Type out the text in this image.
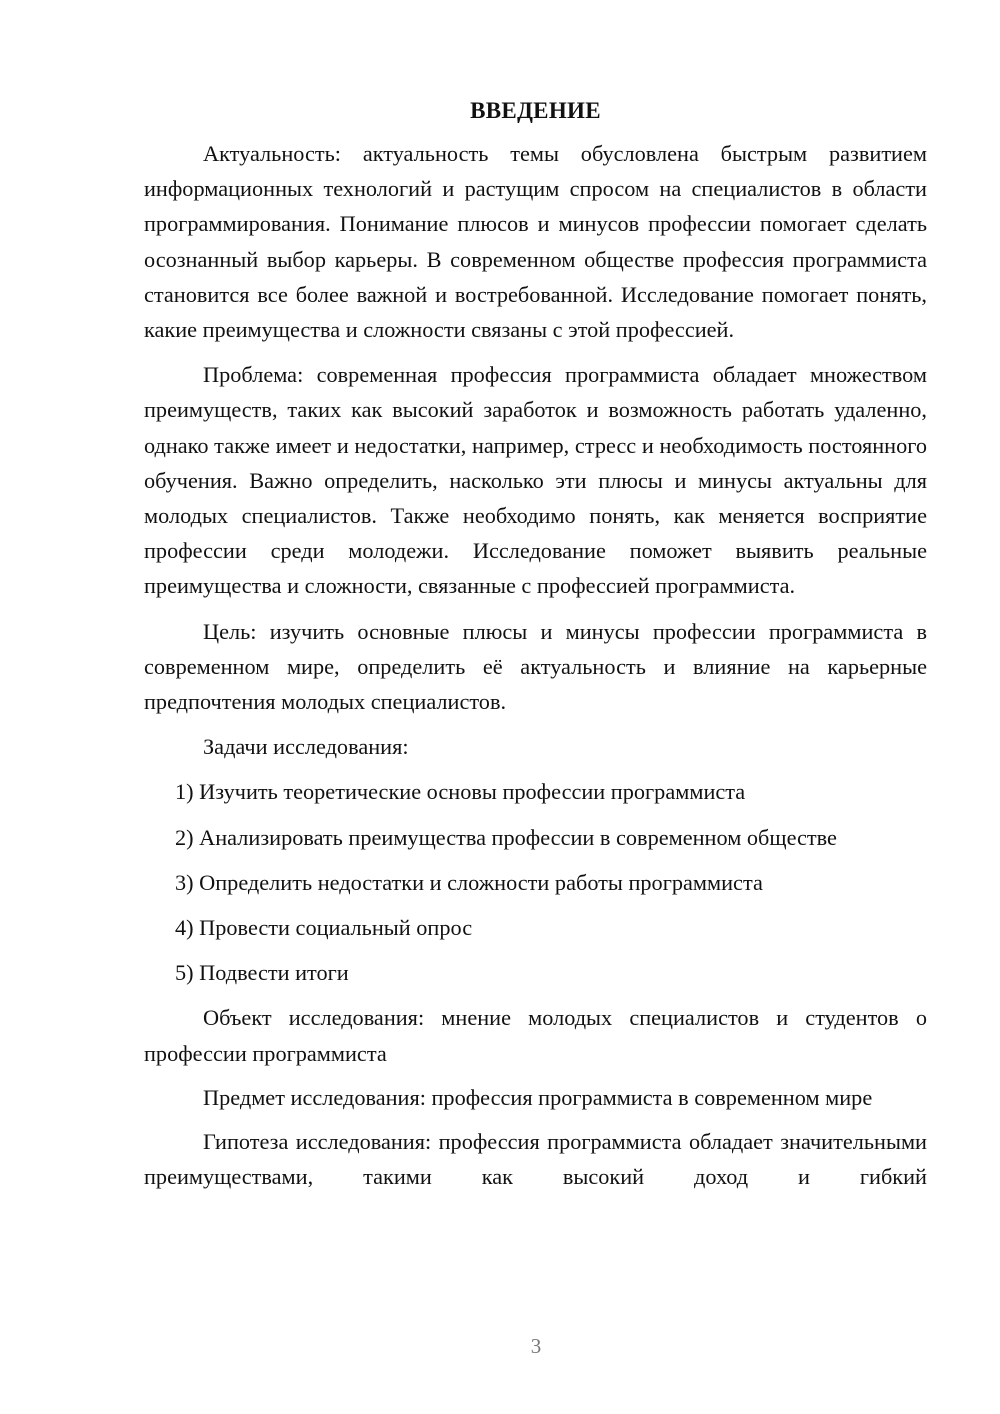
ВВЕДЕНИЕ

Актуальность: актуальность темы обусловлена быстрым развитием информационных технологий и растущим спросом на специалистов в области программирования. Понимание плюсов и минусов профессии помогает сделать осознанный выбор карьеры. В современном обществе профессия программиста становится все более важной и востребованной. Исследование помогает понять, какие преимущества и сложности связаны с этой профессией.

Проблема: современная профессия программиста обладает множеством преимуществ, таких как высокий заработок и возможность работать удаленно, однако также имеет и недостатки, например, стресс и необходимость постоянного обучения. Важно определить, насколько эти плюсы и минусы актуальны для молодых специалистов. Также необходимо понять, как меняется восприятие профессии среди молодежи. Исследование поможет выявить реальные преимущества и сложности, связанные с профессией программиста.

Цель: изучить основные плюсы и минусы профессии программиста в современном мире, определить её актуальность и влияние на карьерные предпочтения молодых специалистов.

Задачи исследования:

1) Изучить теоретические основы профессии программиста
2) Анализировать преимущества профессии в современном обществе
3) Определить недостатки и сложности работы программиста
4) Провести социальный опрос
5) Подвести итоги

Объект исследования: мнение молодых специалистов и студентов о профессии программиста

Предмет исследования: профессия программиста в современном мире

Гипотеза исследования: профессия программиста обладает значительными преимуществами, такими как высокий доход и гибкий

3
